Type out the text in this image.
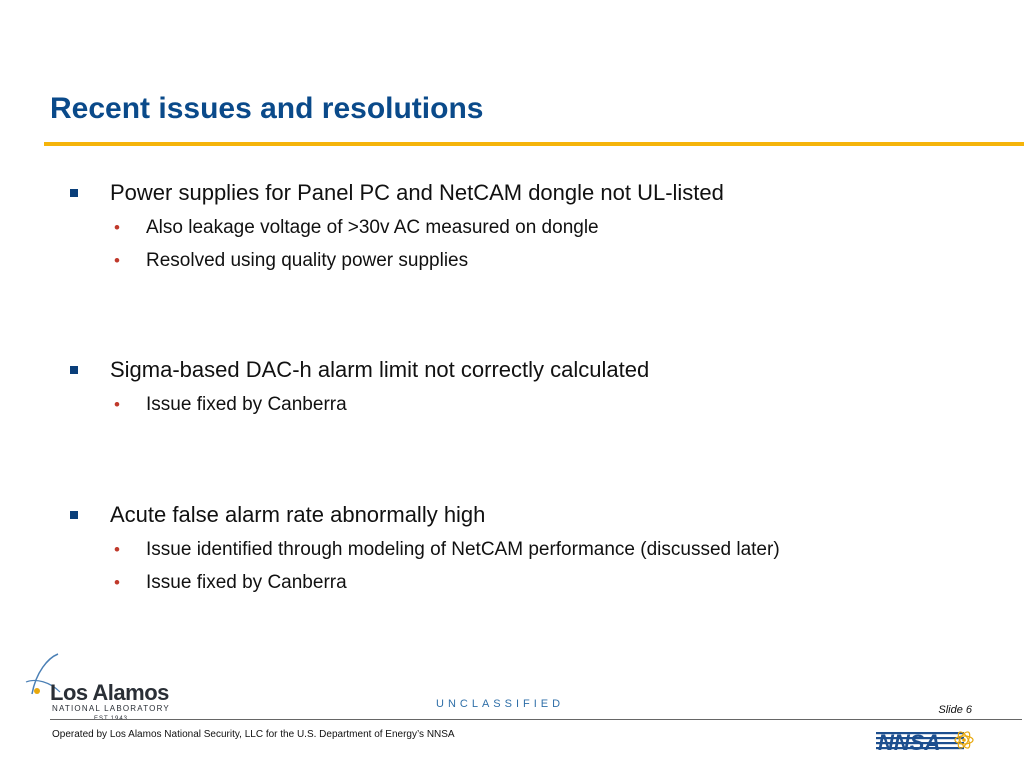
Recent issues and resolutions
Power supplies for Panel PC and NetCAM dongle not UL-listed
• Also leakage voltage of >30v AC measured on dongle
• Resolved using quality power supplies
Sigma-based DAC-h alarm limit not correctly calculated
• Issue fixed by Canberra
Acute false alarm rate abnormally high
• Issue identified through modeling of NetCAM performance (discussed later)
• Issue fixed by Canberra
Los Alamos
NATIONAL LABORATORY	UNCLASSIFIED	Slide 6
Operated by Los Alamos National Security, LLC for the U.S. Department of Energy’s NNSA	NNSA
